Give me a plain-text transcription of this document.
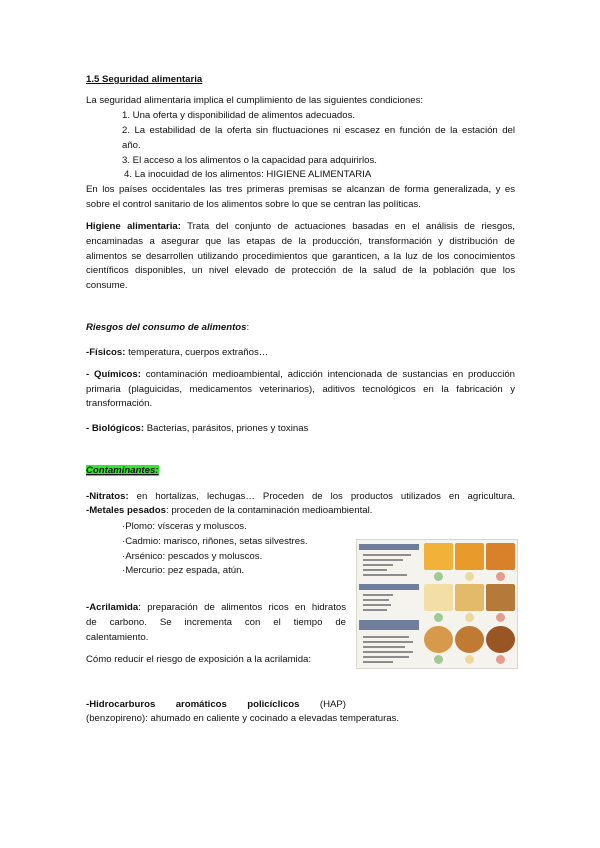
1.5 Seguridad alimentaria
La seguridad alimentaria implica el cumplimiento de las siguientes condiciones:
1. Una oferta y disponibilidad de alimentos adecuados.
2. La estabilidad de la oferta sin fluctuaciones ni escasez en función de la estación del
año.
3. El acceso a los alimentos o la capacidad para adquirirlos.
4. La inocuidad de los alimentos: HIGIENE ALIMENTARIA
En los países occidentales las tres primeras premisas se alcanzan de forma generalizada, y es
sobre el control sanitario de los alimentos sobre lo que se centran las políticas.
Higiene alimentaria: Trata del conjunto de actuaciones basadas en el análisis de riesgos,
encaminadas a asegurar que las etapas de la producción, transformación y distribución de
alimentos se desarrollen utilizando procedimientos que garanticen, a la luz de los conocimientos
científicos disponibles, un nivel elevado de protección de la salud de la población que los
consume.
Riesgos del consumo de alimentos:
-Físicos: temperatura, cuerpos extraños…
- Químicos: contaminación medioambiental, adicción intencionada de sustancias en producción
primaria (plaguicidas, medicamentos veterinarios), aditivos tecnológicos en la fabricación y
transformación.
- Biológicos: Bacterias, parásitos, priones y toxinas
Contaminantes:
-Nitratos: en hortalizas, lechugas… Proceden de los productos utilizados en agricultura.
-Metales pesados: proceden de la contaminación medioambiental.
·Plomo: vísceras y moluscos.
·Cadmio: marisco, riñones, setas silvestres.
·Arsénico: pescados y moluscos.
·Mercurio: pez espada, atún.
-Acrilamida: preparación de alimentos ricos en hidratos
de carbono. Se incrementa con el tiempo de
calentamiento.
Cómo reducir el riesgo de exposición a la acrilamida:
-Hidrocarburos aromáticos policíclicos (HAP)
(benzopireno): ahumado en caliente y cocinado a elevadas temperaturas.
